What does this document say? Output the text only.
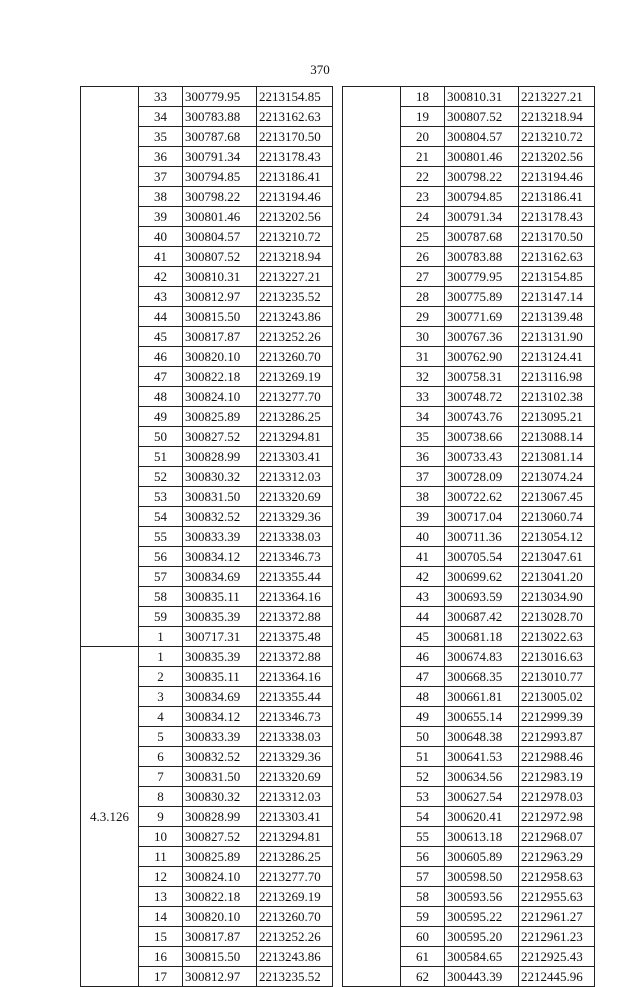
370
	33	300779.95	2213154.85
	34	300783.88	2213162.63
	35	300787.68	2213170.50
	36	300791.34	2213178.43
	37	300794.85	2213186.41
	38	300798.22	2213194.46
	39	300801.46	2213202.56
	40	300804.57	2213210.72
	41	300807.52	2213218.94
	42	300810.31	2213227.21
	43	300812.97	2213235.52
	44	300815.50	2213243.86
	45	300817.87	2213252.26
	46	300820.10	2213260.70
	47	300822.18	2213269.19
	48	300824.10	2213277.70
	49	300825.89	2213286.25
	50	300827.52	2213294.81
	51	300828.99	2213303.41
	52	300830.32	2213312.03
	53	300831.50	2213320.69
	54	300832.52	2213329.36
	55	300833.39	2213338.03
	56	300834.12	2213346.73
	57	300834.69	2213355.44
	58	300835.11	2213364.16
	59	300835.39	2213372.88
	1	300717.31	2213375.48
4.3.126	1	300835.39	2213372.88
	2	300835.11	2213364.16
	3	300834.69	2213355.44
	4	300834.12	2213346.73
	5	300833.39	2213338.03
	6	300832.52	2213329.36
	7	300831.50	2213320.69
	8	300830.32	2213312.03
	9	300828.99	2213303.41
	10	300827.52	2213294.81
	11	300825.89	2213286.25
	12	300824.10	2213277.70
	13	300822.18	2213269.19
	14	300820.10	2213260.70
	15	300817.87	2213252.26
	16	300815.50	2213243.86
	17	300812.97	2213235.52
	18	300810.31	2213227.21
	19	300807.52	2213218.94
	20	300804.57	2213210.72
	21	300801.46	2213202.56
	22	300798.22	2213194.46
	23	300794.85	2213186.41
	24	300791.34	2213178.43
	25	300787.68	2213170.50
	26	300783.88	2213162.63
	27	300779.95	2213154.85
	28	300775.89	2213147.14
	29	300771.69	2213139.48
	30	300767.36	2213131.90
	31	300762.90	2213124.41
	32	300758.31	2213116.98
	33	300748.72	2213102.38
	34	300743.76	2213095.21
	35	300738.66	2213088.14
	36	300733.43	2213081.14
	37	300728.09	2213074.24
	38	300722.62	2213067.45
	39	300717.04	2213060.74
	40	300711.36	2213054.12
	41	300705.54	2213047.61
	42	300699.62	2213041.20
	43	300693.59	2213034.90
	44	300687.42	2213028.70
	45	300681.18	2213022.63
	46	300674.83	2213016.63
	47	300668.35	2213010.77
	48	300661.81	2213005.02
	49	300655.14	2212999.39
	50	300648.38	2212993.87
	51	300641.53	2212988.46
	52	300634.56	2212983.19
	53	300627.54	2212978.03
	54	300620.41	2212972.98
	55	300613.18	2212968.07
	56	300605.89	2212963.29
	57	300598.50	2212958.63
	58	300593.56	2212955.63
	59	300595.22	2212961.27
	60	300595.20	2212961.23
	61	300584.65	2212925.43
	62	300443.39	2212445.96
